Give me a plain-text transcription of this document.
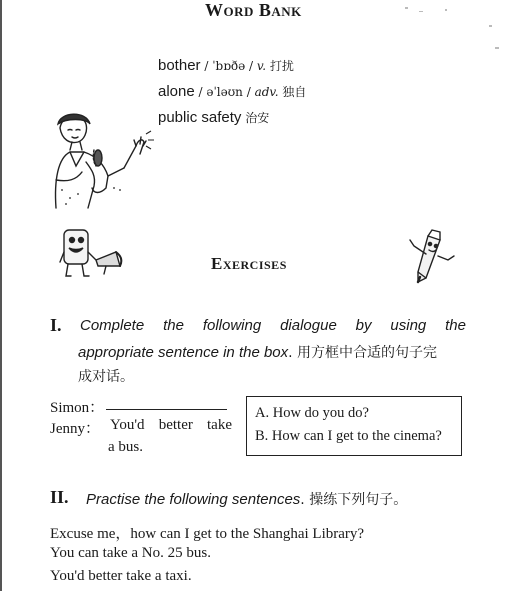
Word Bank
bother / ˈbɒðə / v. 打扰
alone / əˈləʊn / adv. 独自
public safety 治安
Exercises
I. Complete the following dialogue by using the
appropriate sentence in the box. 用方框中合适的句子完
成对话。
Simon：
Jenny： You'd better take
a bus.
A. How do you do?
B. How can I get to the cinema?
II. Practise the following sentences. 操练下列句子。
Excuse me，how can I get to the Shanghai Library?
You can take a No. 25 bus.
You'd better take a taxi.
